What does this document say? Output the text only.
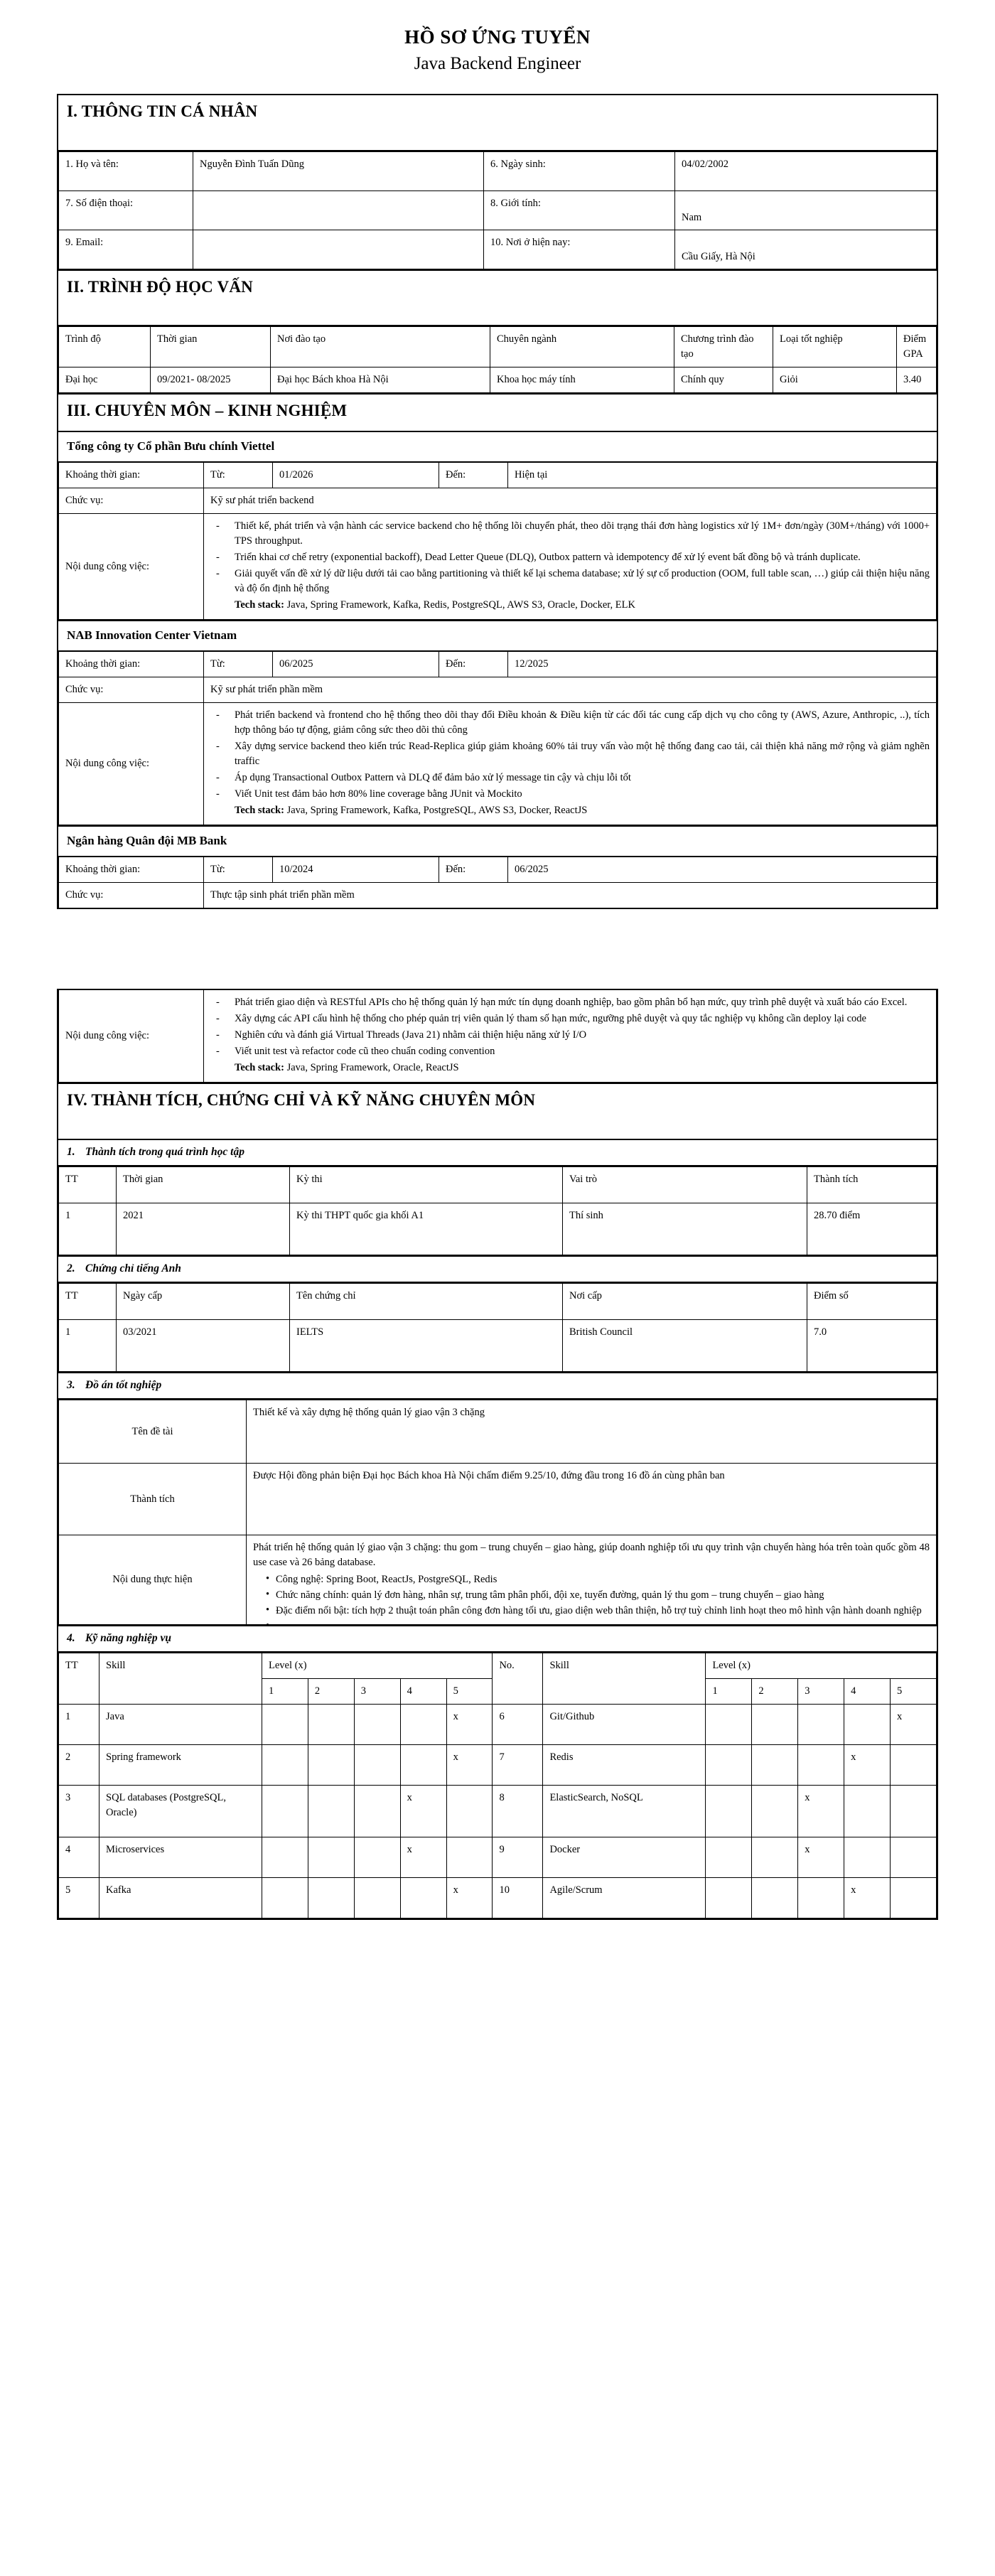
HỒ SƠ ỨNG TUYỂN
Java Backend Engineer
I. THÔNG TIN CÁ NHÂN
1. Họ và tên:	Nguyễn Đình Tuấn Dũng	6. Ngày sinh:	04/02/2002
7. Số điện thoại:		8. Giới tính:	Nam
9. Email:		10. Nơi ở hiện nay:	Cầu Giấy, Hà Nội
II. TRÌNH ĐỘ HỌC VẤN
Trình độ	Thời gian	Nơi đào tạo	Chuyên ngành	Chương trình đào tạo	Loại tốt nghiệp	Điểm GPA
Đại học	09/2021- 08/2025	Đại học Bách khoa Hà Nội	Khoa học máy tính	Chính quy	Giỏi	3.40
III. CHUYÊN MÔN – KINH NGHIỆM
Tổng công ty Cổ phần Bưu chính Viettel
Khoảng thời gian:	Từ:	01/2026	Đến:	Hiện tại
Chức vụ:	Kỹ sư phát triển backend			
Nội dung công việc:	
- Thiết kế, phát triển và vận hành các service backend cho hệ thống lõi chuyển phát, theo dõi trạng thái đơn hàng logistics xử lý 1M+ đơn/ngày (30M+/tháng) với 1000+ TPS throughput.
- Triển khai cơ chế retry (exponential backoff), Dead Letter Queue (DLQ), Outbox pattern và idempotency để xử lý event bất đồng bộ và tránh duplicate.
- Giải quyết vấn đề xử lý dữ liệu dưới tải cao bằng partitioning và thiết kế lại schema database; xử lý sự cố production (OOM, full table scan, …) giúp cải thiện hiệu năng và độ ổn định hệ thống
Tech stack: Java, Spring Framework, Kafka, Redis, PostgreSQL, AWS S3, Oracle, Docker, ELK
NAB Innovation Center Vietnam
Khoảng thời gian:	Từ:	06/2025	Đến:	12/2025
Chức vụ:	Kỹ sư phát triển phần mềm			
Nội dung công việc:	
- Phát triển backend và frontend cho hệ thống theo dõi thay đổi Điều khoản & Điều kiện từ các đối tác cung cấp dịch vụ cho công ty (AWS, Azure, Anthropic, ..), tích hợp thông báo tự động, giảm công sức theo dõi thủ công
- Xây dựng service backend theo kiến trúc Read-Replica giúp giảm khoảng 60% tải truy vấn vào một hệ thống đang cao tải, cải thiện khả năng mở rộng và giảm nghẽn traffic
- Áp dụng Transactional Outbox Pattern và DLQ để đảm bảo xử lý message tin cậy và chịu lỗi tốt
- Viết Unit test đảm bảo hơn 80% line coverage bằng JUnit và Mockito
Tech stack: Java, Spring Framework, Kafka, PostgreSQL, AWS S3, Docker, ReactJS
Ngân hàng Quân đội MB Bank
Khoảng thời gian:	Từ:	10/2024	Đến:	06/2025
Chức vụ:	Thực tập sinh phát triển phần mềm			
Nội dung công việc:	
- Phát triển giao diện và RESTful APIs cho hệ thống quản lý hạn mức tín dụng doanh nghiệp, bao gồm phân bổ hạn mức, quy trình phê duyệt và xuất báo cáo Excel.
- Xây dựng các API cấu hình hệ thống cho phép quản trị viên quản lý tham số hạn mức, ngưỡng phê duyệt và quy tắc nghiệp vụ không cần deploy lại code
- Nghiên cứu và đánh giá Virtual Threads (Java 21) nhằm cải thiện hiệu năng xử lý I/O
- Viết unit test và refactor code cũ theo chuẩn coding convention
Tech stack: Java, Spring Framework, Oracle, ReactJS
IV. THÀNH TÍCH, CHỨNG CHỈ VÀ KỸ NĂNG CHUYÊN MÔN
1. Thành tích trong quá trình học tập
TT	Thời gian	Kỳ thi	Vai trò	Thành tích
1	2021	Kỳ thi THPT quốc gia khối A1	Thí sinh	28.70 điểm
2. Chứng chỉ tiếng Anh
TT	Ngày cấp	Tên chứng chỉ	Nơi cấp	Điểm số
1	03/2021	IELTS	British Council	7.0
3. Đồ án tốt nghiệp
Tên đề tài	Thiết kế và xây dựng hệ thống quản lý giao vận 3 chặng
Thành tích	Được Hội đồng phản biện Đại học Bách khoa Hà Nội chấm điểm 9.25/10, đứng đầu trong 16 đồ án cùng phân ban
Nội dung thực hiện	
Phát triển hệ thống quản lý giao vận 3 chặng: thu gom – trung chuyển – giao hàng, giúp doanh nghiệp tối ưu quy trình vận chuyển hàng hóa trên toàn quốc gồm 48 use case và 26 bảng database.
• Công nghệ: Spring Boot, ReactJs, PostgreSQL, Redis
• Chức năng chính: quản lý đơn hàng, nhân sự, trung tâm phân phối, đội xe, tuyến đường, quản lý thu gom – trung chuyển – giao hàng
• Đặc điểm nổi bật: tích hợp 2 thuật toán phân công đơn hàng tối ưu, giao diện web thân thiện, hỗ trợ tuỳ chỉnh linh hoạt theo mô hình vận hành doanh nghiệp
4. Kỹ năng nghiệp vụ
TT	Skill	Level (x)					No.	Skill	Level (x)				
		1	2	3	4	5			1	2	3	4	5
1	Java					x	6	Git/Github					x
2	Spring framework					x	7	Redis				x	
3	SQL databases (PostgreSQL, Oracle)				x		8	ElasticSearch, NoSQL			x		
4	Microservices				x		9	Docker			x		
5	Kafka					x	10	Agile/Scrum				x	
